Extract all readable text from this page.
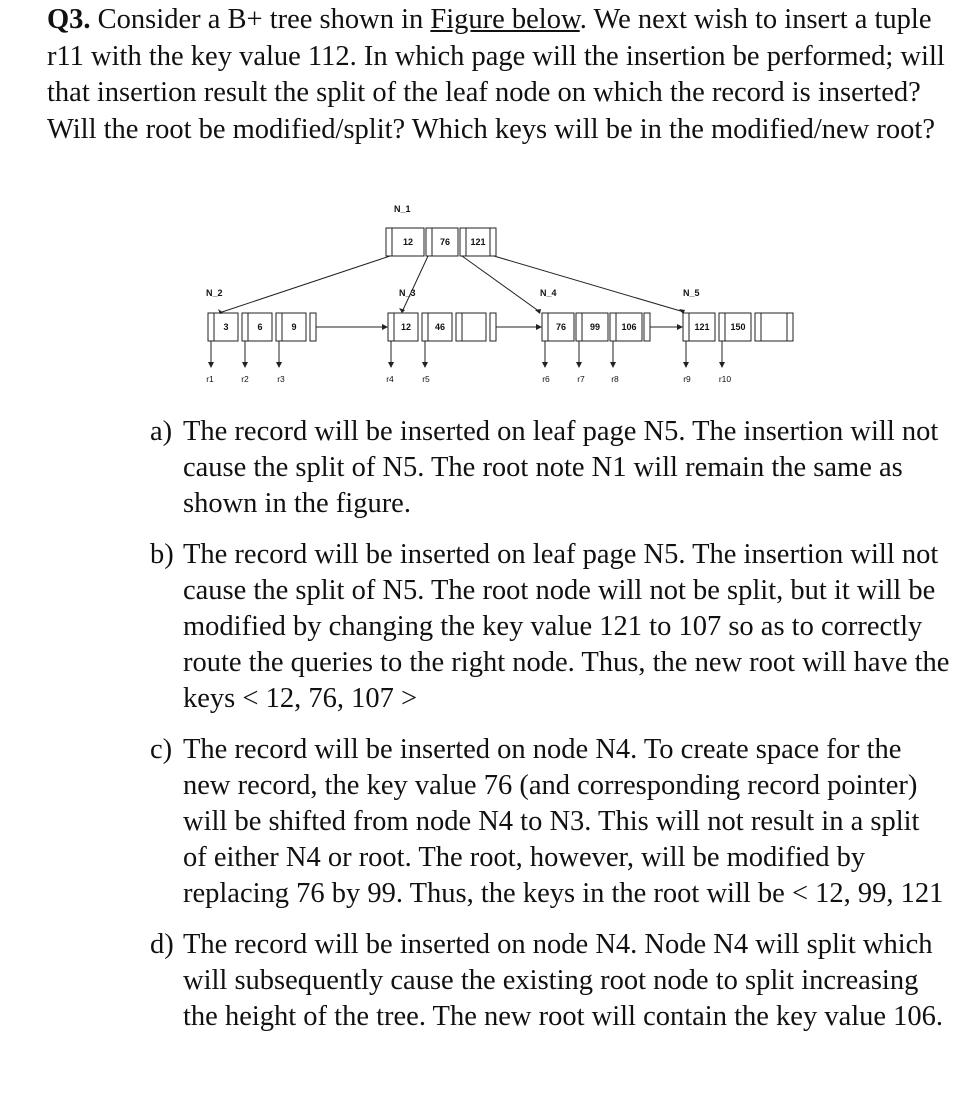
Q3. Consider a B+ tree shown in Figure below. We next wish to insert a tuple r11 with the key value 112. In which page will the insertion be performed; will that insertion result the split of the leaf node on which the record is inserted? Will the root be modified/split? Which keys will be in the modified/new root?
N_1
N_2	N_3	N_4	N_5
12	76 121
3	6	9	12	46	76	99 106	121 150
r1	r2	r3	r4	r5	r6	r7	r8	r9	r10
a) The record will be inserted on leaf page N5. The insertion will not cause the split of N5. The root note N1 will remain the same as shown in the figure.
b) The record will be inserted on leaf page N5. The insertion will not cause the split of N5. The root node will not be split, but it will be modified by changing the key value 121 to 107 so as to correctly route the queries to the right node. Thus, the new root will have the keys < 12, 76, 107 >
c) The record will be inserted on node N4. To create space for the new record, the key value 76 (and corresponding record pointer) will be shifted from node N4 to N3. This will not result in a split of either N4 or root. The root, however, will be modified by replacing 76 by 99. Thus, the keys in the root will be < 12, 99, 121
d) The record will be inserted on node N4. Node N4 will split which will subsequently cause the existing root node to split increasing the height of the tree. The new root will contain the key value 106.
